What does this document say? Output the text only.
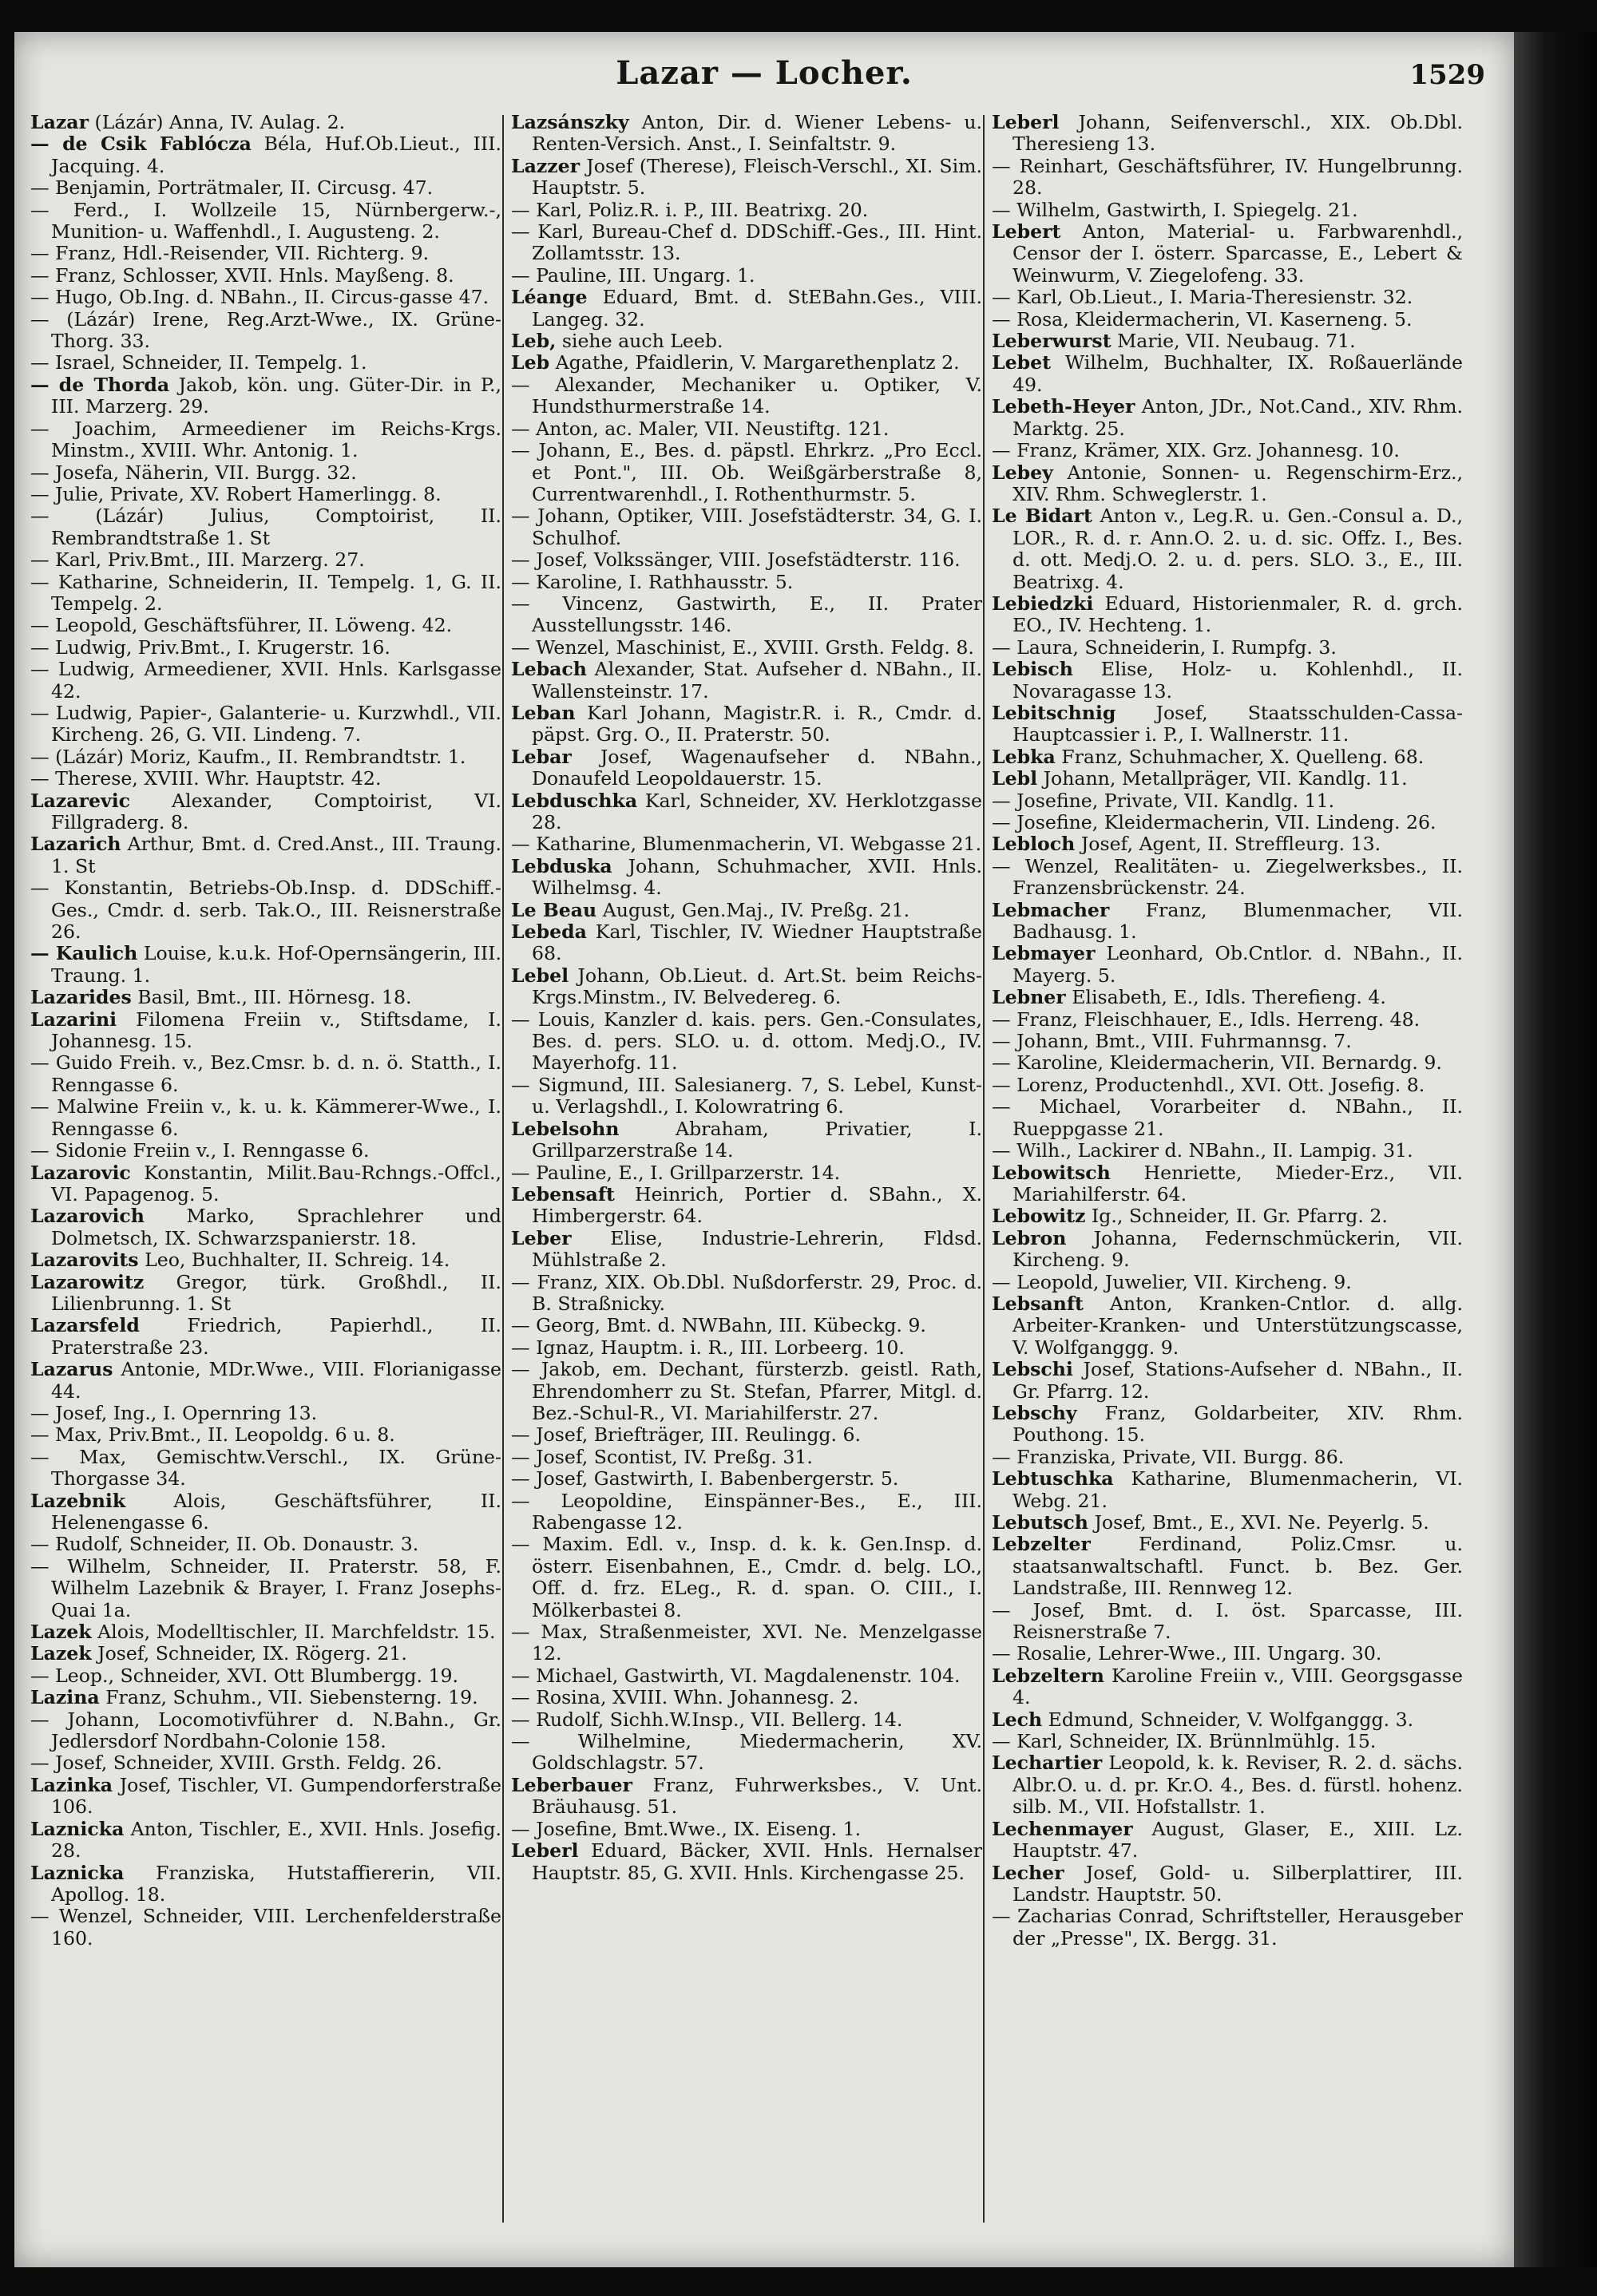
Lazar — Locher.	1529

Lazar (Lázár) Anna, IV. Aulag. 2.

— de Csik Fablócza Béla, Huf.Ob.Lieut., III. Jacquing. 4.

— Benjamin, Porträtmaler, II. Circusg. 47.

— Ferd., I. Wollzeile 15, Nürnbergerw.-, Munition- u. Waffenhdl., I. Augusteng. 2.

— Franz, Hdl.-Reisender, VII. Richterg. 9.

— Franz, Schlosser, XVII. Hnls. Mayßeng. 8.

— Hugo, Ob.Ing. d. NBahn., II. Circus-gasse 47.

— (Lázár) Irene, Reg.Arzt-Wwe., IX. Grüne-Thorg. 33.

— Israel, Schneider, II. Tempelg. 1.

— de Thorda Jakob, kön. ung. Güter-Dir. in P., III. Marzerg. 29.

— Joachim, Armeediener im Reichs-Krgs. Minstm., XVIII. Whr. Antonig. 1.

— Josefa, Näherin, VII. Burgg. 32.

— Julie, Private, XV. Robert Hamerlingg. 8.

— (Lázár) Julius, Comptoirist, II. Rembrandtstraße 1. St

— Karl, Priv.Bmt., III. Marzerg. 27.

— Katharine, Schneiderin, II. Tempelg. 1, G. II. Tempelg. 2.

— Leopold, Geschäftsführer, II. Löweng. 42.

— Ludwig, Priv.Bmt., I. Krugerstr. 16.

— Ludwig, Armeediener, XVII. Hnls. Karlsgasse 42.

— Ludwig, Papier-, Galanterie- u. Kurzwhdl., VII. Kircheng. 26, G. VII. Lindeng. 7.

— (Lázár) Moriz, Kaufm., II. Rembrandtstr. 1.

— Therese, XVIII. Whr. Hauptstr. 42.

Lazarevic Alexander, Comptoirist, VI. Fillgraderg. 8.

Lazarich Arthur, Bmt. d. Cred.Anst., III. Traung. 1. St

— Konstantin, Betriebs-Ob.Insp. d. DDSchiff.-Ges., Cmdr. d. serb. Tak.O., III. Reisnerstraße 26.

— Kaulich Louise, k.u.k. Hof-Opernsängerin, III. Traung. 1.

Lazarides Basil, Bmt., III. Hörnesg. 18.

Lazarini Filomena Freiin v., Stiftsdame, I. Johannesg. 15.

— Guido Freih. v., Bez.Cmsr. b. d. n. ö. Statth., I. Renngasse 6.

— Malwine Freiin v., k. u. k. Kämmerer-Wwe., I. Renngasse 6.

— Sidonie Freiin v., I. Renngasse 6.

Lazarovic Konstantin, Milit.Bau-Rchngs.-Offcl., VI. Papagenog. 5.

Lazarovich Marko, Sprachlehrer und Dolmetsch, IX. Schwarzspanierstr. 18.

Lazarovits Leo, Buchhalter, II. Schreig. 14.

Lazarowitz Gregor, türk. Großhdl., II. Lilienbrunng. 1. St

Lazarsfeld	Friedrich, Papierhdl., II. Praterstraße 23.

Lazarus Antonie, MDr.Wwe., VIII. Florianigasse 44.

— Josef, Ing., I. Opernring 13.

— Max, Priv.Bmt., II. Leopoldg. 6 u. 8.

— Max, Gemischtw.Verschl., IX. Grüne-Thorgasse 34.

Lazebnik	Alois, Geschäftsführer, II. Helenengasse 6.

— Rudolf, Schneider, II. Ob. Donaustr. 3.

— Wilhelm, Schneider, II. Praterstr. 58, F. Wilhelm Lazebnik & Brayer, I. Franz Josephs-Quai 1a.

Lazek Alois, Modelltischler, II. Marchfeldstr. 15.

Lazek Josef, Schneider, IX. Rögerg. 21.

— Leop., Schneider, XVI. Ott Blumbergg. 19.

Lazina Franz, Schuhm., VII. Siebensterng. 19.

— Johann, Locomotivführer d. N.Bahn., Gr. Jedlersdorf Nordbahn-Colonie 158.

— Josef, Schneider, XVIII. Grsth. Feldg. 26.

Lazinka Josef, Tischler, VI. Gumpendorferstraße 106.

Laznicka Anton, Tischler, E., XVII. Hnls. Josefig. 28.

Laznicka Franziska, Hutstaffiererin, VII. Apollog. 18.

— Wenzel, Schneider, VIII. Lerchenfelderstraße 160.

Lazsánszky Anton, Dir. d. Wiener Lebens- u. Renten-Versich. Anst., I. Seinfaltstr. 9.

Lazzer Josef (Therese), Fleisch-Verschl., XI. Sim. Hauptstr. 5.

— Karl, Poliz.R. i. P., III. Beatrixg. 20.

— Karl, Bureau-Chef d. DDSchiff.-Ges., III. Hint. Zollamtsstr. 13.

— Pauline, III. Ungarg. 1.

Léange Eduard, Bmt. d. StEBahn.Ges., VIII. Langeg. 32.

Leb, siehe auch Leeb.

Leb Agathe, Pfaidlerin, V. Margarethenplatz 2.

— Alexander, Mechaniker u. Optiker, V. Hundsthurmerstraße 14.

— Anton, ac. Maler, VII. Neustiftg. 121.

— Johann, E., Bes. d. päpstl. Ehrkrz. „Pro Eccl. et Pont.", III. Ob. Weißgärberstraße 8, Currentwarenhdl., I. Rothenthurmstr. 5.

— Johann, Optiker, VIII. Josefstädterstr. 34, G. I. Schulhof.

— Josef, Volkssänger, VIII. Josefstädterstr. 116.

— Karoline, I. Rathhausstr. 5.

— Vincenz, Gastwirth, E., II. Prater Ausstellungsstr. 146.

— Wenzel, Maschinist, E., XVIII. Grsth. Feldg. 8.

Lebach Alexander, Stat. Aufseher d. NBahn., II. Wallensteinstr. 17.

Leban Karl Johann, Magistr.R. i. R., Cmdr. d. päpst. Grg. O., II. Praterstr. 50.

Lebar Josef, Wagenaufseher d. NBahn., Donaufeld Leopoldauerstr. 15.

Lebduschka Karl, Schneider, XV. Herklotzgasse 28.

— Katharine, Blumenmacherin, VI. Webgasse 21.

Lebduska Johann, Schuhmacher, XVII. Hnls. Wilhelmsg. 4.

Le Beau August, Gen.Maj., IV. Preßg. 21.

Lebeda Karl, Tischler, IV. Wiedner Hauptstraße 68.

Lebel Johann, Ob.Lieut. d. Art.St. beim Reichs-Krgs.Minstm., IV. Belvedereg. 6.

— Louis, Kanzler d. kais. pers. Gen.-Consulates, Bes. d. pers. SLO. u. d. ottom. Medj.O., IV. Mayerhofg. 11.

— Sigmund, III. Salesianerg. 7, S. Lebel, Kunst- u. Verlagshdl., I. Kolowratring 6.

Lebelsohn	Abraham, Privatier, I. Grillparzerstraße 14.

— Pauline, E., I. Grillparzerstr. 14.

Lebensaft Heinrich, Portier d. SBahn., X. Himbergerstr. 64.

Leber Elise, Industrie-Lehrerin, Fldsd. Mühlstraße 2.

— Franz, XIX. Ob.Dbl. Nußdorferstr. 29, Proc. d. B. Straßnicky.

— Georg, Bmt. d. NWBahn, III. Kübeckg. 9.

— Ignaz, Hauptm. i. R., III. Lorbeerg. 10.

— Jakob, em. Dechant, fürsterzb. geistl. Rath, Ehrendomherr zu St. Stefan, Pfarrer, Mitgl. d. Bez.-Schul-R., VI. Mariahilferstr. 27.

— Josef, Briefträger, III. Reulingg. 6.

— Josef, Scontist, IV. Preßg. 31.

— Josef, Gastwirth, I. Babenbergerstr. 5.

— Leopoldine, Einspänner-Bes., E., III. Rabengasse 12.

— Maxim. Edl. v., Insp. d. k. k. Gen.Insp. d. österr. Eisenbahnen, E., Cmdr. d. belg. LO., Off. d. frz. ELeg., R. d. span. O. CIII., I. Mölkerbastei 8.

— Max, Straßenmeister, XVI. Ne. Menzelgasse 12.

— Michael, Gastwirth, VI. Magdalenenstr. 104.

— Rosina, XVIII. Whn. Johannesg. 2.

— Rudolf, Sichh.W.Insp., VII. Bellerg. 14.

— Wilhelmine, Miedermacherin, XV. Goldschlagstr. 57.

Leberbauer Franz, Fuhrwerksbes., V. Unt. Bräuhausg. 51.

— Josefine, Bmt.Wwe., IX. Eiseng. 1.

Leberl Eduard, Bäcker, XVII. Hnls. Hernalser Hauptstr. 85, G. XVII. Hnls. Kirchengasse 25.

Leberl Johann, Seifenverschl., XIX. Ob.Dbl. Theresieng 13.

— Reinhart, Geschäftsführer, IV. Hungelbrunng. 28.

— Wilhelm, Gastwirth, I. Spiegelg. 21.

Lebert Anton, Material- u. Farbwarenhdl., Censor der I. österr. Sparcasse, E., Lebert & Weinwurm, V. Ziegelofeng. 33.

— Karl, Ob.Lieut., I. Maria-Theresienstr. 32.

— Rosa, Kleidermacherin, VI. Kaserneng. 5.

Leberwurst Marie, VII. Neubaug. 71.

Lebet Wilhelm, Buchhalter, IX. Roßauerlände 49.

Lebeth-Heyer Anton, JDr., Not.Cand., XIV. Rhm. Marktg. 25.

— Franz, Krämer, XIX. Grz. Johannesg. 10.

Lebey Antonie, Sonnen- u. Regenschirm-Erz., XIV. Rhm. Schweglerstr. 1.

Le Bidart Anton v., Leg.R. u. Gen.-Consul a. D., LOR., R. d. r. Ann.O. 2. u. d. sic. Offz. I., Bes. d. ott. Medj.O. 2. u. d. pers. SLO. 3., E., III. Beatrixg. 4.

Lebiedzki Eduard, Historienmaler, R. d. grch. EO., IV. Hechteng. 1.

— Laura, Schneiderin, I. Rumpfg. 3.

Lebisch Elise, Holz- u. Kohlenhdl., II. Novaragasse 13.

Lebitschnig Josef, Staatsschulden-Cassa-Hauptcassier i. P., I. Wallnerstr. 11.

Lebka Franz, Schuhmacher, X. Quelleng. 68.

Lebl Johann, Metallpräger, VII. Kandlg. 11.

— Josefine, Private, VII. Kandlg. 11.

— Josefine, Kleidermacherin, VII. Lindeng. 26.

Lebloch Josef, Agent, II. Streffleurg. 13.

— Wenzel, Realitäten- u. Ziegelwerksbes., II. Franzensbrückenstr. 24.

Lebmacher Franz, Blumenmacher, VII. Badhausg. 1.

Lebmayer Leonhard, Ob.Cntlor. d. NBahn., II. Mayerg. 5.

Lebner Elisabeth, E., Idls. Therefieng. 4.

— Franz, Fleischhauer, E., Idls. Herreng. 48.

— Johann, Bmt., VIII. Fuhrmannsg. 7.

— Karoline, Kleidermacherin, VII. Bernardg. 9.

— Lorenz, Productenhdl., XVI. Ott. Josefig. 8.

— Michael, Vorarbeiter d. NBahn., II. Rueppgasse 21.

— Wilh., Lackirer d. NBahn., II. Lampig. 31.

Lebowitsch Henriette, Mieder-Erz., VII. Mariahilferstr. 64.

Lebowitz Ig., Schneider, II. Gr. Pfarrg. 2.

Lebron Johanna, Federnschmückerin, VII. Kircheng. 9.

— Leopold, Juwelier, VII. Kircheng. 9.

Lebsanft Anton, Kranken-Cntlor. d. allg. Arbeiter-Kranken- und Unterstützungscasse, V. Wolfganggg. 9.

Lebschi Josef, Stations-Aufseher d. NBahn., II. Gr. Pfarrg. 12.

Lebschy Franz, Goldarbeiter, XIV. Rhm. Pouthong. 15.

— Franziska, Private, VII. Burgg. 86.

Lebtuschka Katharine, Blumenmacherin, VI. Webg. 21.

Lebutsch Josef, Bmt., E., XVI. Ne. Peyerlg. 5.

Lebzelter	Ferdinand, Poliz.Cmsr. u. staatsanwaltschaftl. Funct. b. Bez. Ger. Landstraße, III. Rennweg 12.

— Josef, Bmt. d. I. öst. Sparcasse, III. Reisnerstraße 7.

— Rosalie, Lehrer-Wwe., III. Ungarg. 30.

Lebzeltern Karoline Freiin v., VIII. Georgsgasse 4.

Lech Edmund, Schneider, V. Wolfganggg. 3.

— Karl, Schneider, IX. Brünnlmühlg. 15.

Lechartier Leopold, k. k. Reviser, R. 2. d. sächs. Albr.O. u. d. pr. Kr.O. 4., Bes. d. fürstl. hohenz. silb. M., VII. Hofstallstr. 1.

Lechenmayer August, Glaser, E., XIII. Lz. Hauptstr. 47.

Lecher Josef, Gold- u. Silberplattirer, III. Landstr. Hauptstr. 50.

— Zacharias Conrad, Schriftsteller, Herausgeber der „Presse", IX. Bergg. 31.
